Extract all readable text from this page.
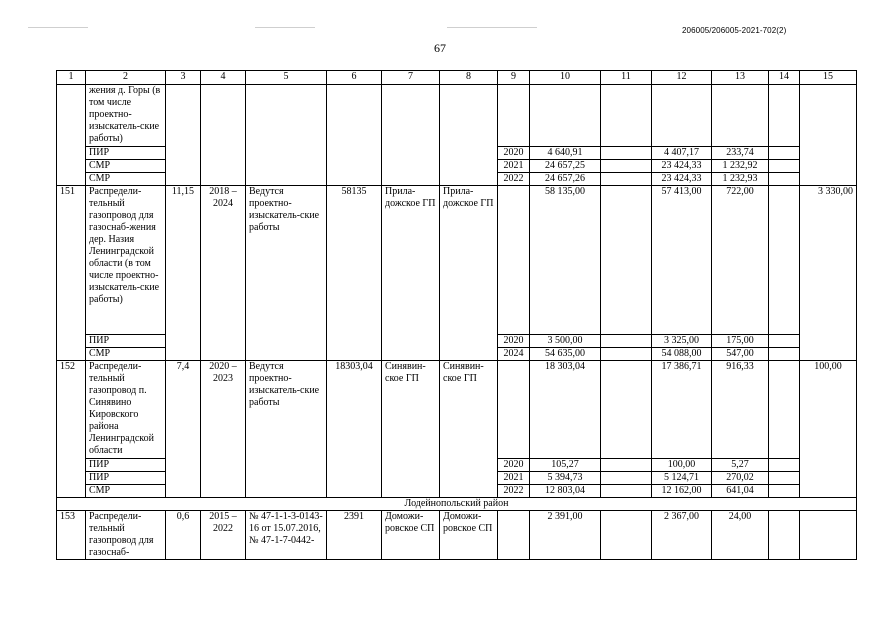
206005/206005-2021-702(2)
67
1	2	3	4	5	6	7	8	9	10	11	12	13	14	15
	жения д. Горы (в том числе проектно-изыскатель-ские работы)													
	ПИР							2020	4 640,91		4 407,17	233,74		
	СМР							2021	24 657,25		23 424,33	1 232,92		
	СМР							2022	24 657,26		23 424,33	1 232,93		
151	Распредели-тельный газопровод для газоснаб-жения дер. Назия Ленинградской области (в том числе проектно-изыскатель-ские работы)	11,15	2018 – 2024	Ведутся проектно-изыскатель-ские работы	58135	Прила-дожское ГП	Прила-дожское ГП		58 135,00		57 413,00	722,00		3 330,00
	ПИР							2020	3 500,00		3 325,00	175,00		
	СМР							2024	54 635,00		54 088,00	547,00		
152	Распредели-тельный газопровод п. Синявино Кировского района Ленинградской области	7,4	2020 – 2023	Ведутся проектно-изыскатель-ские работы	18303,04	Синявин-ское ГП	Синявин-ское ГП		18 303,04		17 386,71	916,33		100,00
	ПИР							2020	105,27		100,00	5,27		
	ПИР							2021	5 394,73		5 124,71	270,02		
	СМР							2022	12 803,04		12 162,00	641,04		
Лодейнопольский район														
153	Распредели-тельный газопровод для газоснаб-	0,6	2015 – 2022	№ 47-1-1-3-0143-16 от 15.07.2016, № 47-1-7-0442-	2391	Доможи-ровское СП	Доможи-ровское СП		2 391,00		2 367,00	24,00		
